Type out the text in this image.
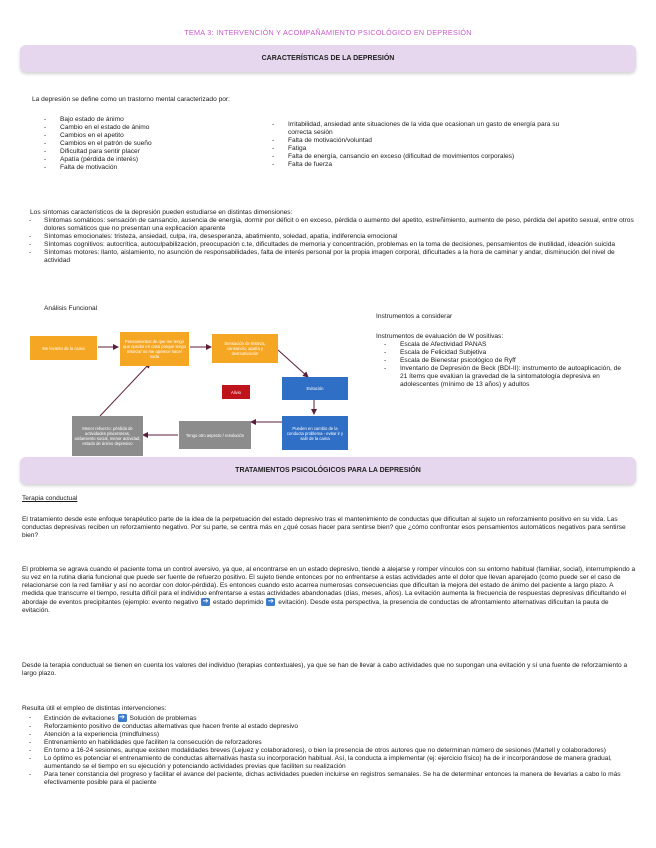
TEMA 3: INTERVENCIÓN Y ACOMPAÑAMIENTO PSICOLÓGICO EN DEPRESIÓN
CARACTERÍSTICAS DE LA DEPRESIÓN
La depresión se define como un trastorno mental caracterizado por:
- Bajo estado de ánimo
- Cambio en el estado de ánimo
- Cambios en el apetito
- Cambios en el patrón de sueño
- Dificultad para sentir placer
- Apatía (pérdida de interés)
- Falta de motivación
- Irritabilidad, ansiedad ante situaciones de la vida que ocasionan un gasto de energía para su correcta sesión
- Falta de motivación/voluntad
- Fatiga
- Falta de energía, cansancio en exceso (dificultad de movimientos corporales)
- Falta de fuerza
Los síntomas característicos de la depresión pueden estudiarse en distintas dimensiones:
- Síntomas somáticos: sensación de cansancio, ausencia de energía, dormir por déficit o en exceso, pérdida o aumento del apetito, estreñimiento, aumento de peso, pérdida del apetito sexual, entre otros dolores somáticos que no presentan una explicación aparente
- Síntomas emocionales: tristeza, ansiedad, culpa, ira, desesperanza, abatimiento, soledad, apatía, indiferencia emocional
- Síntomas cognitivos: autocrítica, autoculpabilización, preocupación c.te, dificultades de memoria y concentración, problemas en la toma de decisiones, pensamientos de inutilidad, ideación suicida
- Síntomas motores: llanto, aislamiento, no asunción de responsabilidades, falta de interés personal por la propia imagen corporal, dificultades a la hora de caminar y andar, disminución del nivel de actividad
Análisis Funcional
Me levanto de la cama
Pensamientos de que me tengo que quedar en casa porque tengo tristeza/ no me apetece hacer nada
Sensación de tristeza, cansancio, apatía y desmotivación
Evitación
Alivio
Pueden en cambio de la conducta problema - evitar ir y salir de la cama
Tengo otro aspecto / resolución
Menor refuerzo: pérdida de actividades placenteras, aislamiento social, menor actividad, estado de ánimo depresivo
Instrumentos a considerar
Instrumentos de evaluación de W positivas:
- Escala de Afectividad PANAS
- Escala de Felicidad Subjetiva
- Escala de Bienestar psicológico de Ryff
- Inventario de Depresión de Beck (BDI-II): instrumento de autoaplicación, de 21 ítems que evalúan la gravedad de la sintomatología depresiva en adolescentes (mínimo de 13 años) y adultos
TRATAMIENTOS PSICOLÓGICOS PARA LA DEPRESIÓN
Terapia conductual
El tratamiento desde este enfoque terapéutico parte de la idea de la perpetuación del estado depresivo tras el mantenimiento de conductas que dificultan al sujeto un reforzamiento positivo en su vida. Las conductas depresivas reciben un reforzamiento negativo. Por su parte, se centra más en ¿qué cosas hacer para sentirse bien? que ¿cómo confrontar esos pensamientos automáticos negativos para sentirse bien?
El problema se agrava cuando el paciente toma un control aversivo, ya que, al encontrarse en un estado depresivo, tiende a alejarse y romper vínculos con su entorno habitual (familiar, social), interrumpiendo a su vez en la rutina diaria funcional que puede ser fuente de refuerzo positivo. El sujeto tiende entonces por no enfrentarse a estas actividades ante el dolor que llevan aparejado (como puede ser el caso de relacionarse con la red familiar y así no acordar con dolor-pérdida). Es entonces cuando esto acarrea numerosas consecuencias que dificultan la mejora del estado de ánimo del paciente a largo plazo. A medida que transcurre el tiempo, resulta difícil para el individuo enfrentarse a estas actividades abandonadas (días, meses, años). La evitación aumenta la frecuencia de respuestas depresivas dificultando el abordaje de eventos precipitantes (ejemplo: evento negativo ➔ estado deprimido ➔ evitación). Desde esta perspectiva, la presencia de conductas de afrontamiento alternativas dificultan la pauta de evitación.
Desde la terapia conductual se tienen en cuenta los valores del individuo (terapias contextuales), ya que se han de llevar a cabo actividades que no supongan una evitación y sí una fuente de reforzamiento a largo plazo.
Resulta útil el empleo de distintas intervenciones:
- Extinción de evitaciones ➔ Solución de problemas
- Reforzamiento positivo de conductas alternativas que hacen frente al estado depresivo
- Atención a la experiencia (mindfulness)
- Entrenamiento en habilidades que faciliten la consecución de reforzadores
- En torno a 16-24 sesiones, aunque existen modalidades breves (Lejuez y colaboradores), o bien la presencia de otros autores que no determinan número de sesiones (Martell y colaboradores)
- Lo óptimo es potenciar el entrenamiento de conductas alternativas hasta su incorporación habitual. Así, la conducta a implementar (ej: ejercicio físico) ha de ir incorporándose de manera gradual, aumentando se el tiempo en su ejecución y potenciando actividades previas que faciliten su realización
- Para tener constancia del progreso y facilitar el avance del paciente, dichas actividades pueden incluirse en registros semanales. Se ha de determinar entonces la manera de llevarlas a cabo lo más efectivamente posible para el paciente
